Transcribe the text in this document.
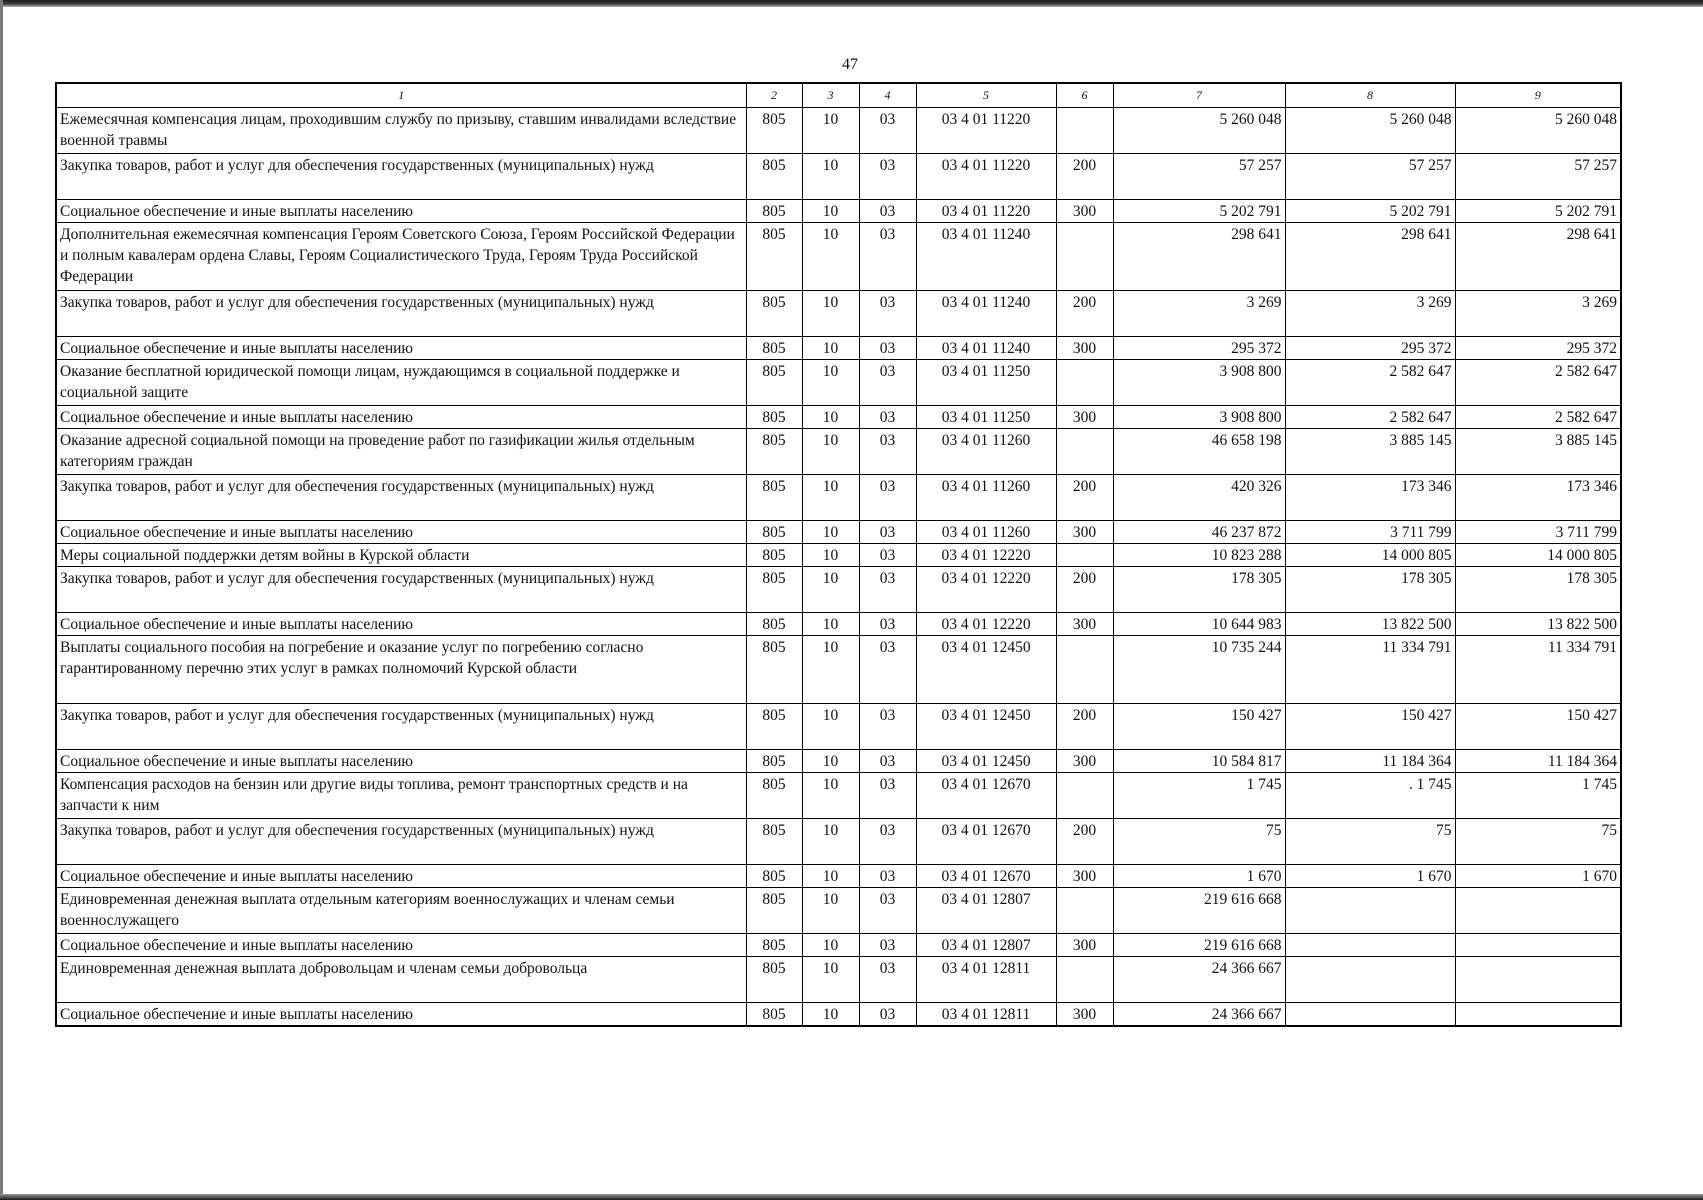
47
1	2	3	4	5	6	7	8	9
Ежемесячная компенсация лицам, проходившим службу по призыву, ставшим инвалидами вследствие военной травмы	805	10	03	03 4 01 11220		5 260 048	5 260 048	5 260 048
Закупка товаров, работ и услуг для обеспечения государственных (муниципальных) нужд	805	10	03	03 4 01 11220	200	57 257	57 257	57 257
Социальное обеспечение и иные выплаты населению	805	10	03	03 4 01 11220	300	5 202 791	5 202 791	5 202 791
Дополнительная ежемесячная компенсация Героям Советского Союза, Героям Российской Федерации и полным кавалерам ордена Славы, Героям Социалистического Труда, Героям Труда Российской Федерации	805	10	03	03 4 01 11240		298 641	298 641	298 641
Закупка товаров, работ и услуг для обеспечения государственных (муниципальных) нужд	805	10	03	03 4 01 11240	200	3 269	3 269	3 269
Социальное обеспечение и иные выплаты населению	805	10	03	03 4 01 11240	300	295 372	295 372	295 372
Оказание бесплатной юридической помощи лицам, нуждающимся в социальной поддержке и социальной защите	805	10	03	03 4 01 11250		3 908 800	2 582 647	2 582 647
Социальное обеспечение и иные выплаты населению	805	10	03	03 4 01 11250	300	3 908 800	2 582 647	2 582 647
Оказание адресной социальной помощи на проведение работ по газификации жилья отдельным категориям граждан	805	10	03	03 4 01 11260		46 658 198	3 885 145	3 885 145
Закупка товаров, работ и услуг для обеспечения государственных (муниципальных) нужд	805	10	03	03 4 01 11260	200	420 326	173 346	173 346
Социальное обеспечение и иные выплаты населению	805	10	03	03 4 01 11260	300	46 237 872	3 711 799	3 711 799
Меры социальной поддержки детям войны в Курской области	805	10	03	03 4 01 12220		10 823 288	14 000 805	14 000 805
Закупка товаров, работ и услуг для обеспечения государственных (муниципальных) нужд	805	10	03	03 4 01 12220	200	178 305	178 305	178 305
Социальное обеспечение и иные выплаты населению	805	10	03	03 4 01 12220	300	10 644 983	13 822 500	13 822 500
Выплаты социального пособия на погребение и оказание услуг по погребению согласно гарантированному перечню этих услуг в рамках полномочий Курской области	805	10	03	03 4 01 12450		10 735 244	11 334 791	11 334 791
Закупка товаров, работ и услуг для обеспечения государственных (муниципальных) нужд	805	10	03	03 4 01 12450	200	150 427	150 427	150 427
Социальное обеспечение и иные выплаты населению	805	10	03	03 4 01 12450	300	10 584 817	11 184 364	11 184 364
Компенсация расходов на бензин или другие виды топлива, ремонт транспортных средств и на запчасти к ним	805	10	03	03 4 01 12670		1 745	. 1 745	1 745
Закупка товаров, работ и услуг для обеспечения государственных (муниципальных) нужд	805	10	03	03 4 01 12670	200	75	75	75
Социальное обеспечение и иные выплаты населению	805	10	03	03 4 01 12670	300	1 670	1 670	1 670
Единовременная денежная выплата отдельным категориям военнослужащих и членам семьи военнослужащего	805	10	03	03 4 01 12807		219 616 668		
Социальное обеспечение и иные выплаты населению	805	10	03	03 4 01 12807	300	219 616 668		
Единовременная денежная выплата добровольцам и членам семьи добровольца	805	10	03	03 4 01 12811		24 366 667		
Социальное обеспечение и иные выплаты населению	805	10	03	03 4 01 12811	300	24 366 667		
